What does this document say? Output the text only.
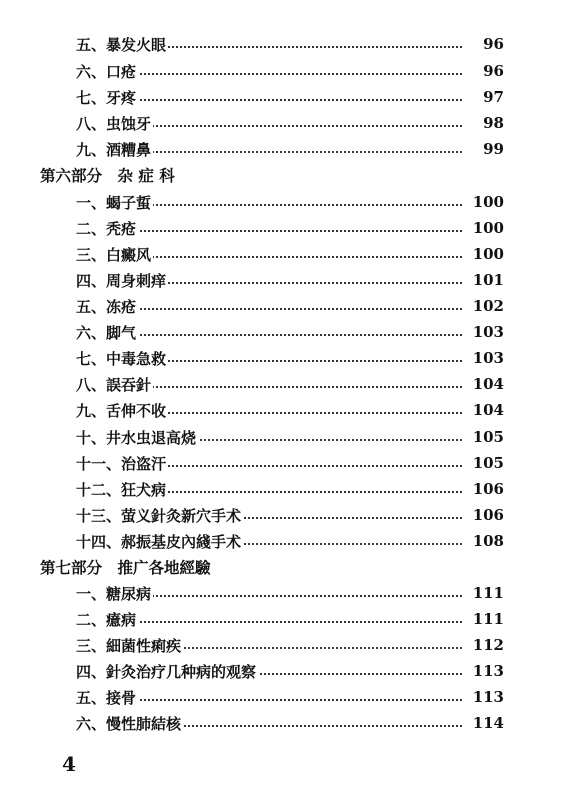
五、暴发火眼	96
六、口疮	96
七、牙疼	97
八、虫蚀牙	98
九、酒糟鼻	99
第六部分　杂 症 科
一、蝎子蜇	100
二、秃疮	100
三、白癜风	100
四、周身刺痒	101
五、冻疮	102
六、脚气	103
七、中毒急救	103
八、誤吞針	104
九、舌伸不收	104
十、井水虫退高烧	105
十一、治盗汗	105
十二、狂犬病	106
十三、萤义針灸新穴手术	106
十四、郝振基皮內綫手术	108
第七部分　推广各地經驗
一、糖尿病	111
二、癔病	111
三、細菌性痢疾	112
四、針灸治疗几种病的观察	113
五、接骨	113
六、慢性肺結核	114
4
